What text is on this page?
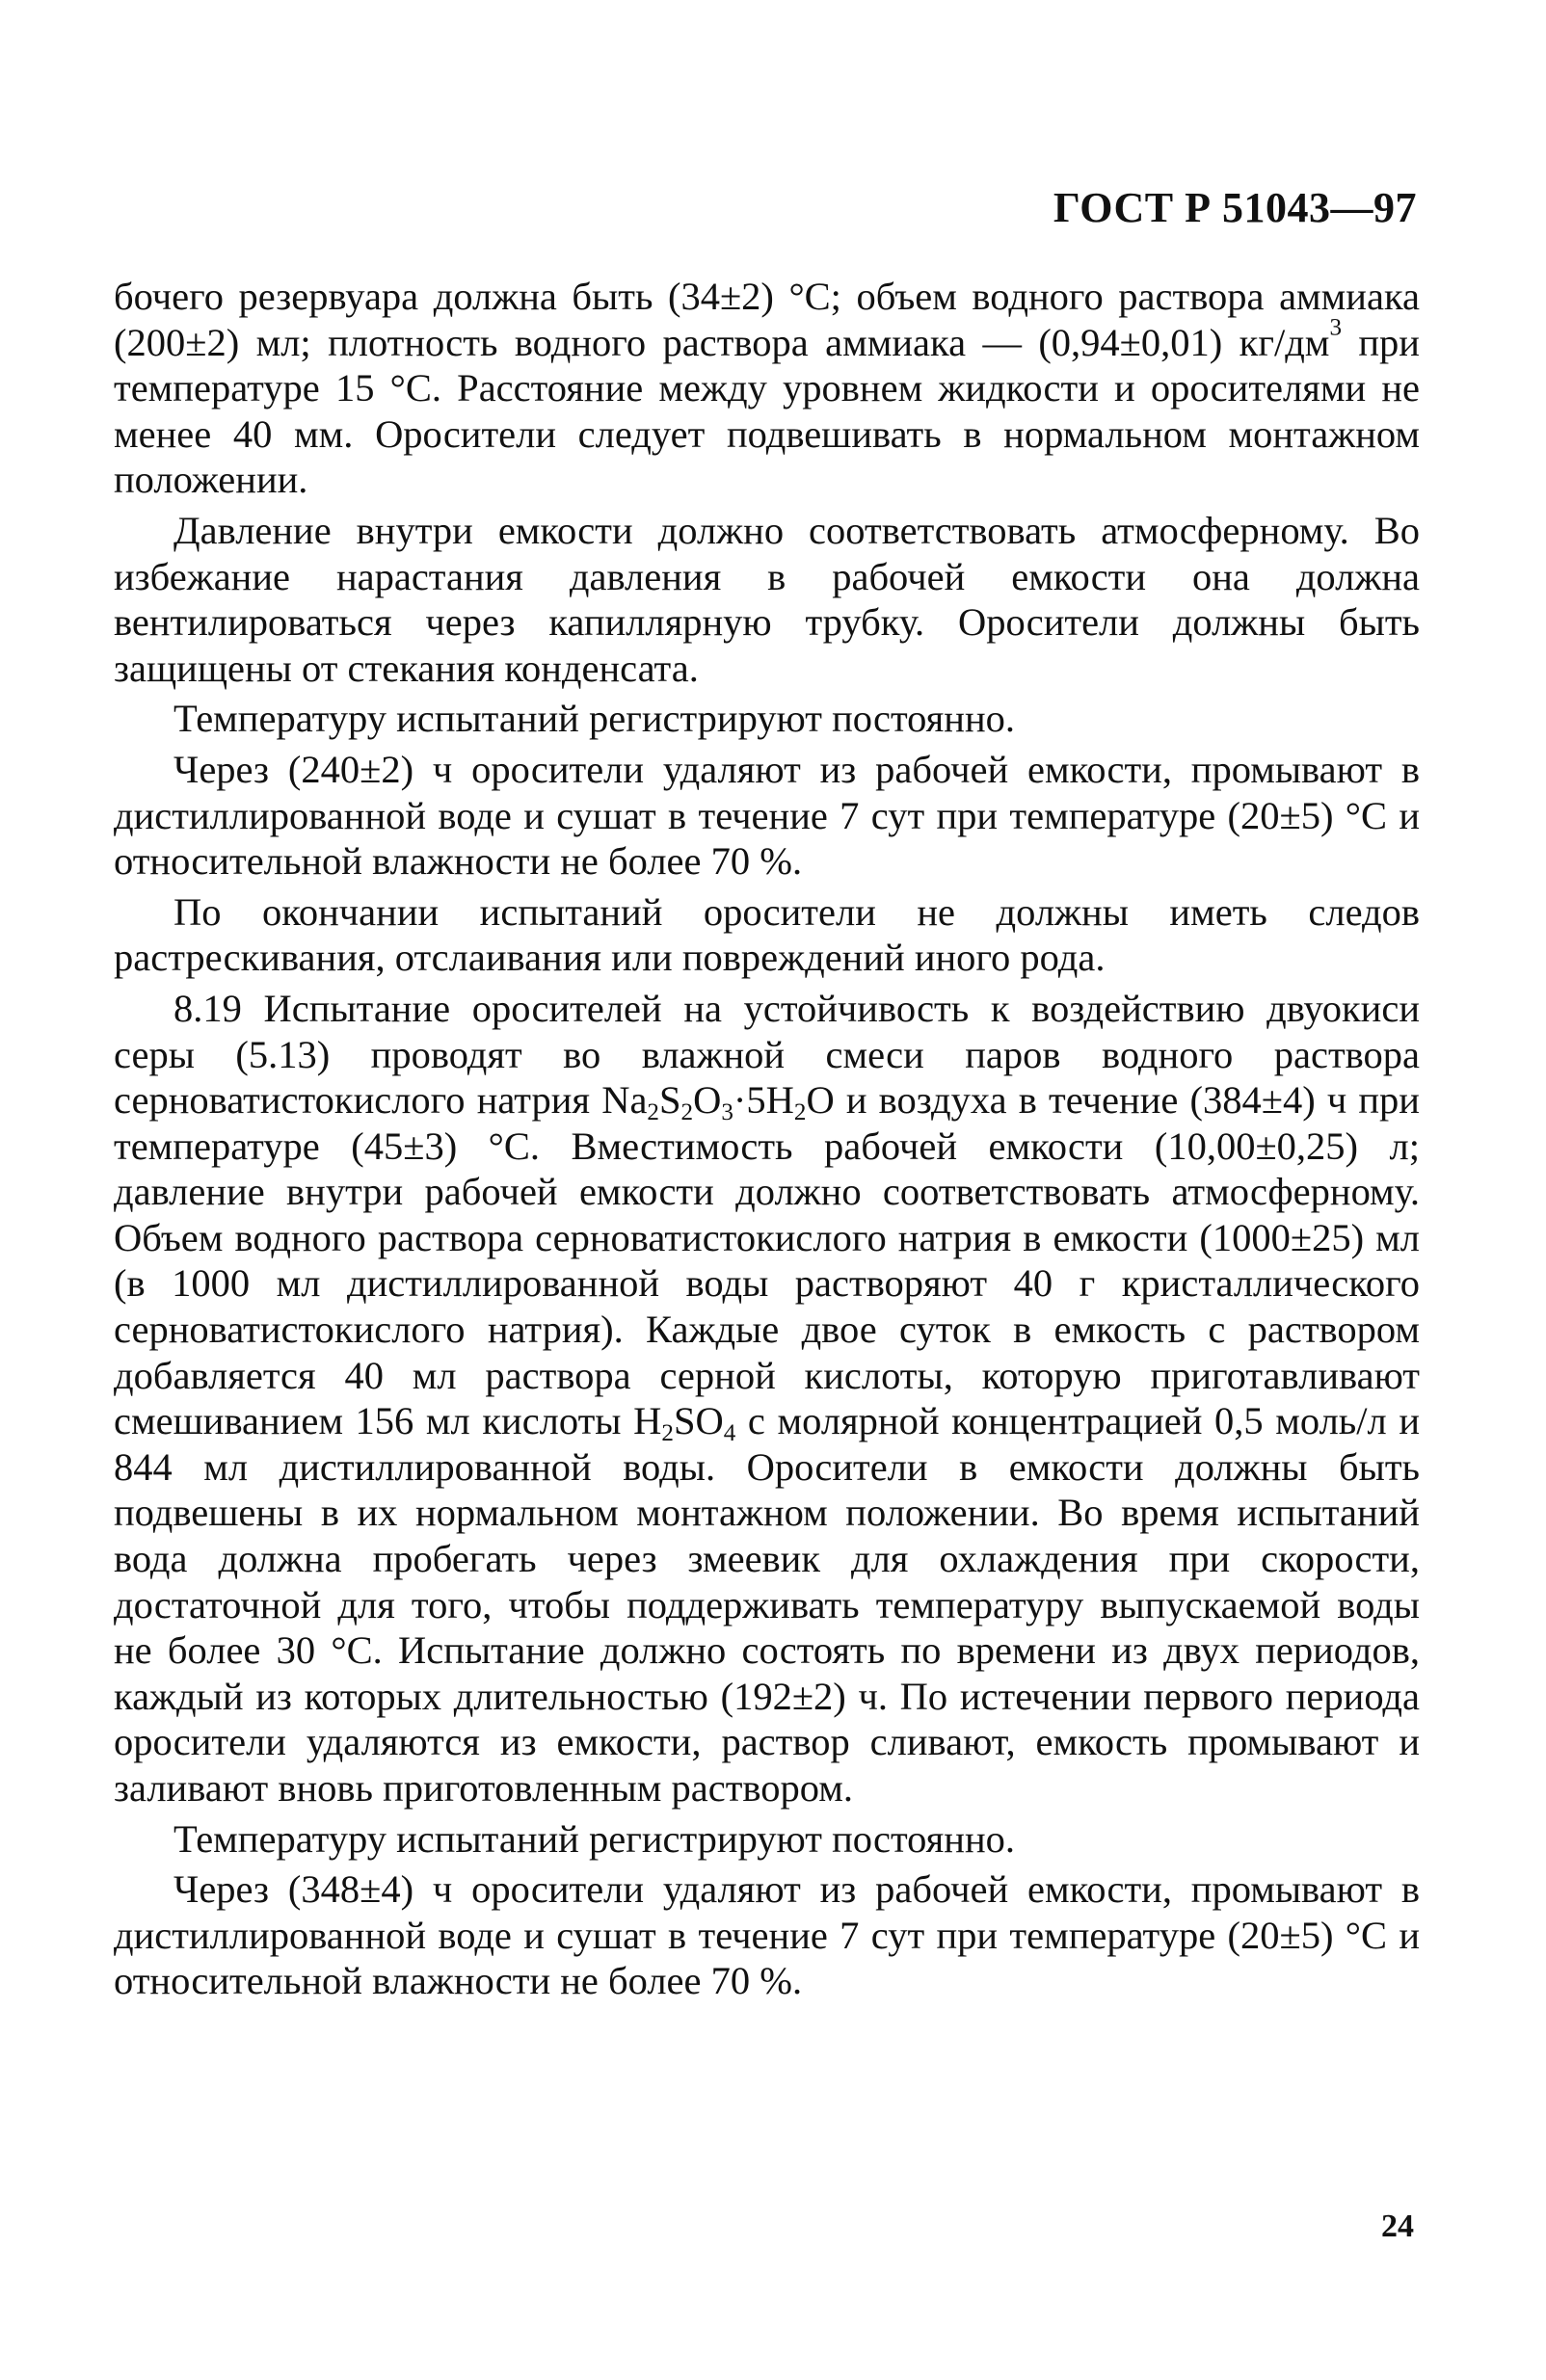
ГОСТ Р 51043—97

бочего резервуара должна быть (34±2) °С; объем водного раствора аммиака (200±2) мл; плотность водного раствора аммиака — (0,94±0,01) $кг/дм^3$ при температуре 15 °С. Расстояние между уровнем жидкости и оросителями не менее 40 мм. Оросители следует подвешивать в нормальном монтажном положении.

Давление внутри емкости должно соответствовать атмосферному. Во избежание нарастания давления в рабочей емкости она должна вентилироваться через капиллярную трубку. Оросители должны быть защищены от стекания конденсата.

Температуру испытаний регистрируют постоянно.

Через (240±2) ч оросители удаляют из рабочей емкости, промывают в дистиллированной воде и сушат в течение 7 сут при температуре (20±5) °С и относительной влажности не более 70 %.

По окончании испытаний оросители не должны иметь следов растрескивания, отслаивания или повреждений иного рода.

8.19 Испытание оросителей на устойчивость к воздействию двуокиси серы (5.13) проводят во влажной смеси паров водного раствора серноватистокислого натрия $Na_2S_2O_3\cdot 5H_2O$ и воздуха в течение (384±4) ч при температуре (45±3) °С. Вместимость рабочей емкости (10,00±0,25) л; давление внутри рабочей емкости должно соответствовать атмосферному. Объем водного раствора серноватистокислого натрия в емкости (1000±25) мл (в 1000 мл дистиллированной воды растворяют 40 г кристаллического серноватистокислого натрия). Каждые двое суток в емкость с раствором добавляется 40 мл раствора серной кислоты, которую приготавливают смешиванием 156 мл кислоты $H_2SO_4$ с молярной концентрацией 0,5 моль/л и 844 мл дистиллированной воды. Оросители в емкости должны быть подвешены в их нормальном монтажном положении. Во время испытаний вода должна пробегать через змеевик для охлаждения при скорости, достаточной для того, чтобы поддерживать температуру выпускаемой воды не более 30 °С. Испытание должно состоять по времени из двух периодов, каждый из которых длительностью (192±2) ч. По истечении первого периода оросители удаляются из емкости, раствор сливают, емкость промывают и заливают вновь приготовленным раствором.

Температуру испытаний регистрируют постоянно.

Через (348±4) ч оросители удаляют из рабочей емкости, промывают в дистиллированной воде и сушат в течение 7 сут при температуре (20±5) °С и относительной влажности не более 70 %.

24
